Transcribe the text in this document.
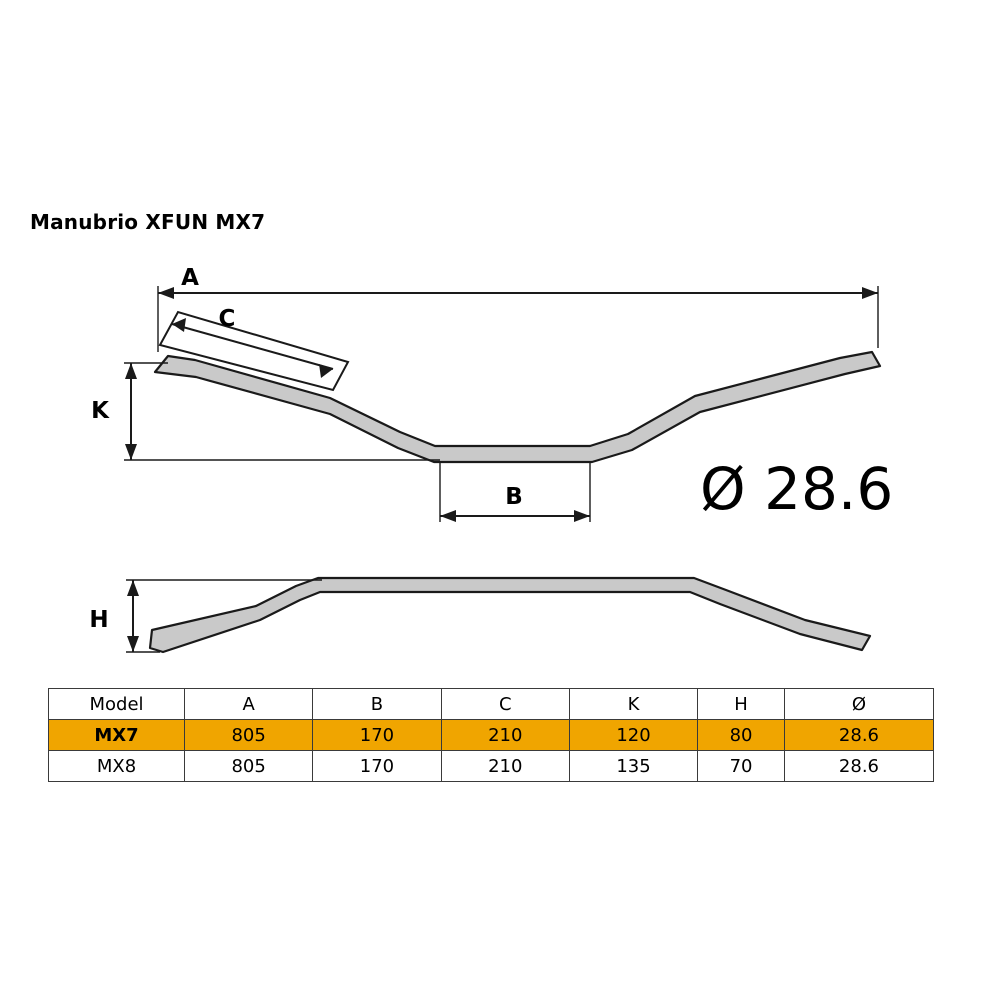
Manubrio XFUN MX7
Ø 28.6
C
A
K
B
H
Model	A	B	C	K	H	Ø
MX7	805	170	210	120	80	28.6
MX8	805	170	210	135	70	28.6
